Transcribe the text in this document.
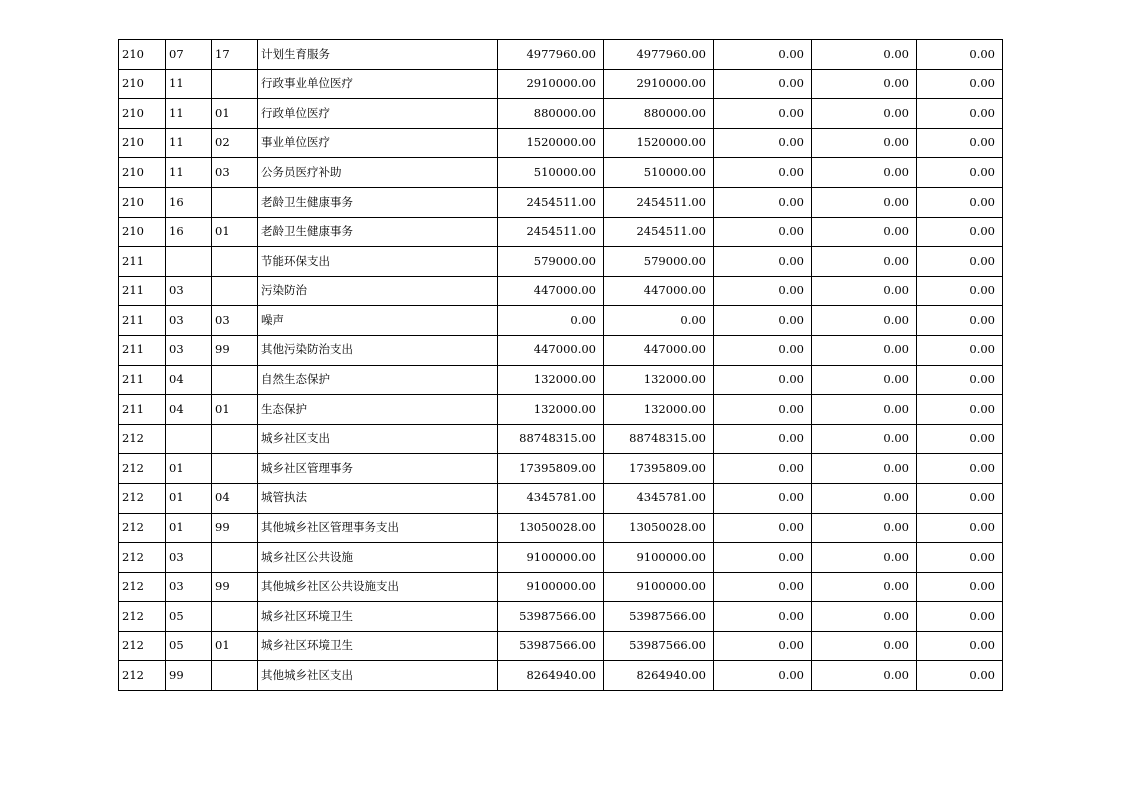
210	07	17	计划生育服务	4977960.00	4977960.00	0.00	0.00	0.00
210	11		行政事业单位医疗	2910000.00	2910000.00	0.00	0.00	0.00
210	11	01	行政单位医疗	880000.00	880000.00	0.00	0.00	0.00
210	11	02	事业单位医疗	1520000.00	1520000.00	0.00	0.00	0.00
210	11	03	公务员医疗补助	510000.00	510000.00	0.00	0.00	0.00
210	16		老龄卫生健康事务	2454511.00	2454511.00	0.00	0.00	0.00
210	16	01	老龄卫生健康事务	2454511.00	2454511.00	0.00	0.00	0.00
211			节能环保支出	579000.00	579000.00	0.00	0.00	0.00
211	03		污染防治	447000.00	447000.00	0.00	0.00	0.00
211	03	03	噪声	0.00	0.00	0.00	0.00	0.00
211	03	99	其他污染防治支出	447000.00	447000.00	0.00	0.00	0.00
211	04		自然生态保护	132000.00	132000.00	0.00	0.00	0.00
211	04	01	生态保护	132000.00	132000.00	0.00	0.00	0.00
212			城乡社区支出	88748315.00	88748315.00	0.00	0.00	0.00
212	01		城乡社区管理事务	17395809.00	17395809.00	0.00	0.00	0.00
212	01	04	城管执法	4345781.00	4345781.00	0.00	0.00	0.00
212	01	99	其他城乡社区管理事务支出	13050028.00	13050028.00	0.00	0.00	0.00
212	03		城乡社区公共设施	9100000.00	9100000.00	0.00	0.00	0.00
212	03	99	其他城乡社区公共设施支出	9100000.00	9100000.00	0.00	0.00	0.00
212	05		城乡社区环境卫生	53987566.00	53987566.00	0.00	0.00	0.00
212	05	01	城乡社区环境卫生	53987566.00	53987566.00	0.00	0.00	0.00
212	99		其他城乡社区支出	8264940.00	8264940.00	0.00	0.00	0.00
